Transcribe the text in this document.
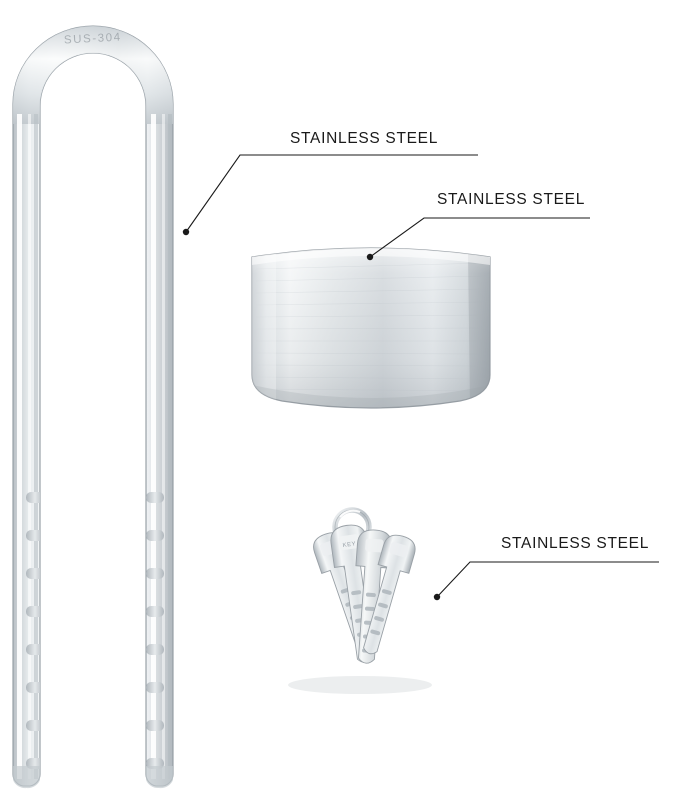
SUS-304
KEY
STAINLESS STEEL
STAINLESS STEEL
STAINLESS STEEL
